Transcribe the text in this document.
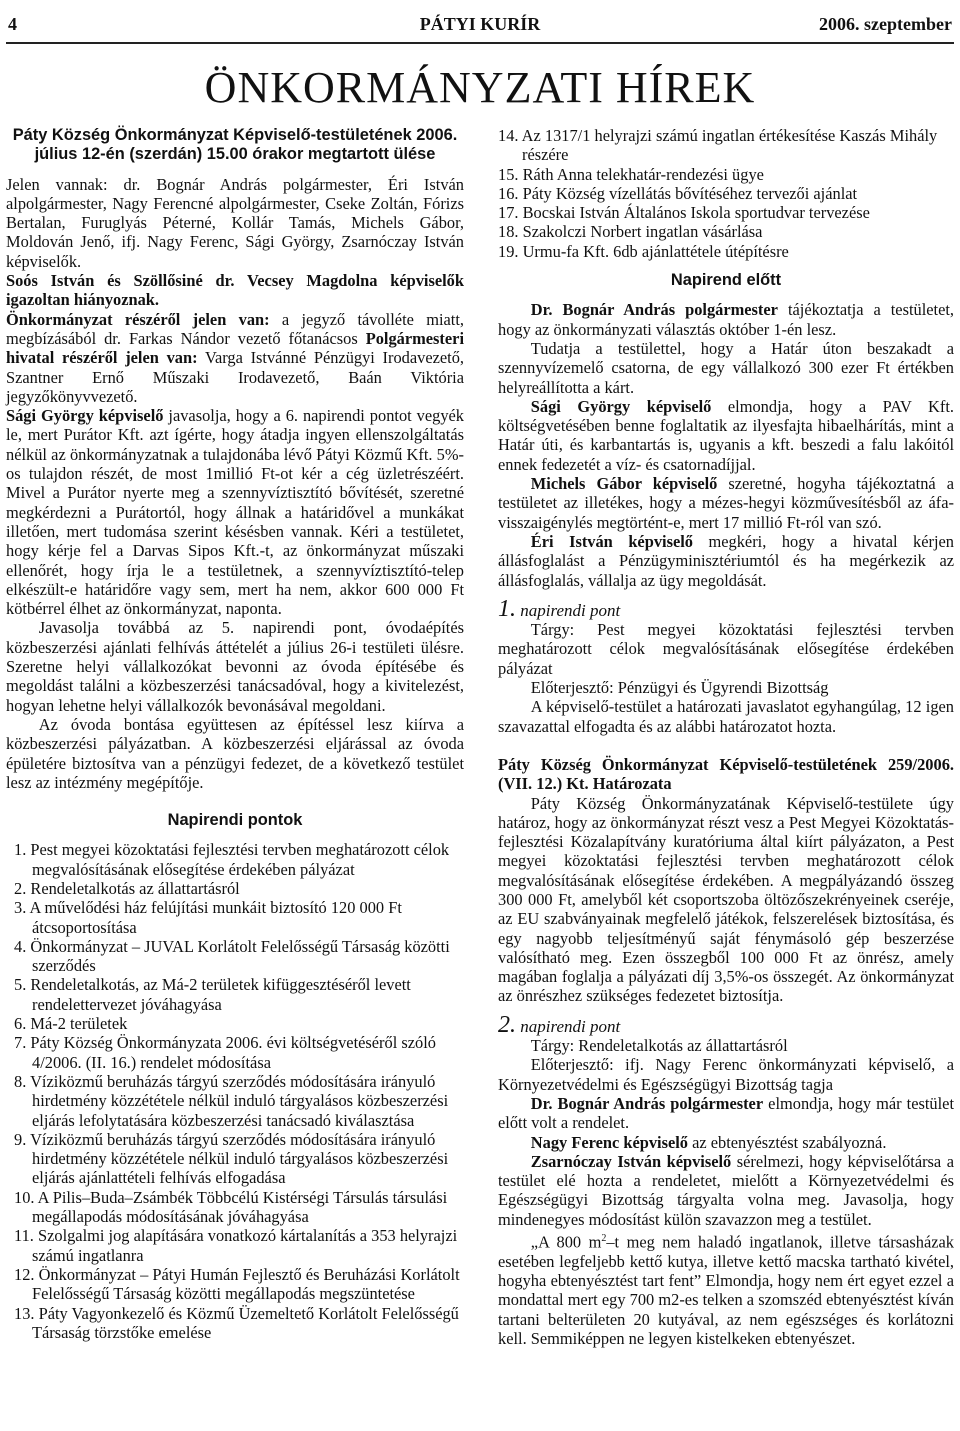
4	PÁTYI KURÍR	2006. szeptember
ÖNKORMÁNYZATI HÍREK

Páty Község Önkormányzat Képviselő-testületének 2006. július 12-én (szerdán) 15.00 órakor megtartott ülése

Jelen vannak: dr. Bognár András polgármester, Éri István alpolgármester, Nagy Ferencné alpolgármester, Cseke Zoltán, Fórizs Bertalan, Furuglyás Péterné, Kollár Tamás, Michels Gábor, Moldován Jenő, ifj. Nagy Ferenc, Sági György, Zsarnóczay István képviselők.

Soós István és Szöllősiné dr. Vecsey Magdolna képviselők igazoltan hiányoznak.

Önkormányzat részéről jelen van: a jegyző távolléte miatt, megbízásából dr. Farkas Nándor vezető főtanácsos Polgármesteri hivatal részéről jelen van: Varga Istvánné Pénzügyi Irodavezető, Szantner Ernő Műszaki Irodavezető, Baán Viktória jegyzőkönyvvezető.

Sági György képviselő javasolja, hogy a 6. napirendi pontot vegyék le, mert Purátor Kft. azt ígérte, hogy átadja ingyen ellenszolgáltatás nélkül az önkormányzatnak a tulajdonába lévő Pátyi Közmű Kft. 5%-os tulajdon részét, de most 1millió Ft-ot kér a cég üzletrészéért. Mivel a Purátor nyerte meg a szennyvíztisztító bővítését, szeretné megkérdezni a Purátortól, hogy állnak a határidővel a munkákat illetően, mert tudomása szerint késésben vannak. Kéri a testületet, hogy kérje fel a Darvas Sipos Kft.-t, az önkormányzat műszaki ellenőrét, hogy írja le a testületnek, a szennyvíztisztító-telep elkészült-e határidőre vagy sem, mert ha nem, akkor 600 000 Ft kötbérrel élhet az önkormányzat, naponta.

Javasolja továbbá az 5. napirendi pont, óvodaépítés közbeszerzési ajánlati felhívás áttételét a július 26-i testületi ülésre. Szeretne helyi vállalkozókat bevonni az óvoda építésébe és megoldást találni a közbeszerzési tanácsadóval, hogy a kivitelezést, hogyan lehetne helyi vállalkozók bevonásával megoldani.

Az óvoda bontása együttesen az építéssel lesz kiírva a közbeszerzési pályázatban. A közbeszerzési eljárással az óvoda épületére biztosítva van a pénzügyi fedezet, de a következő testület lesz az intézmény megépítője.

Napirendi pontok

1. Pest megyei közoktatási fejlesztési tervben meghatározott célok megvalósításának elősegítése érdekében pályázat
2. Rendeletalkotás az állattartásról
3. A művelődési ház felújítási munkáit biztosító 120 000 Ft átcsoportosítása
4. Önkormányzat – JUVAL Korlátolt Felelősségű Társaság közötti szerződés
5. Rendeletalkotás, az Má-2 területek kifüggesztéséről levett rendelettervezet jóváhagyása
6. Má-2 területek
7. Páty Község Önkormányzata 2006. évi költségvetéséről szóló 4/2006. (II. 16.) rendelet módosítása
8. Víziközmű beruházás tárgyú szerződés módosítására irányuló hirdetmény közzététele nélkül induló tárgyalásos közbeszerzési eljárás lefolytatására közbeszerzési tanácsadó kiválasztása
9. Víziközmű beruházás tárgyú szerződés módosítására irányuló hirdetmény közzététele nélkül induló tárgyalásos közbeszerzési eljárás ajánlattételi felhívás elfogadása
10. A Pilis–Buda–Zsámbék Többcélú Kistérségi Társulás társulási megállapodás módosításának jóváhagyása
11. Szolgalmi jog alapítására vonatkozó kártalanítás a 353 helyrajzi számú ingatlanra
12. Önkormányzat – Pátyi Humán Fejlesztő és Beruházási Korlátolt Felelősségű Társaság közötti megállapodás megszüntetése
13. Páty Vagyonkezelő és Közmű Üzemeltető Korlátolt Felelősségű Társaság törzstőke emelése
14. Az 1317/1 helyrajzi számú ingatlan értékesítése Kaszás Mihály részére
15. Ráth Anna telekhatár-rendezési ügye
16. Páty Község vízellátás bővítéséhez tervezői ajánlat
17. Bocskai István Általános Iskola sportudvar tervezése
18. Szakolczi Norbert ingatlan vásárlása
19. Urmu-fa Kft. 6db ajánlattétele útépítésre

Napirend előtt

Dr. Bognár András polgármester tájékoztatja a testületet, hogy az önkormányzati választás október 1-én lesz.

Tudatja a testülettel, hogy a Határ úton beszakadt a szennyvízemelő csatorna, de egy vállalkozó 300 ezer Ft értékben helyreállította a kárt.

Sági György képviselő elmondja, hogy a PAV Kft. költségvetésében benne foglaltatik az ilyesfajta hibaelhárítás, mint a Határ úti, és karbantartás is, ugyanis a kft. beszedi a falu lakóitól ennek fedezetét a víz- és csatornadíjjal.

Michels Gábor képviselő szeretné, hogyha tájékoztatná a testületet az illetékes, hogy a mézes-hegyi közművesítésből az áfa-visszaigénylés megtörtént-e, mert 17 millió Ft-ról van szó.

Éri István képviselő megkéri, hogy a hivatal kérjen állásfoglalást a Pénzügyminisztériumtól és ha megérkezik az állásfoglalás, vállalja az ügy megoldását.

1. napirendi pont

Tárgy: Pest megyei közoktatási fejlesztési tervben meghatározott célok megvalósításának elősegítése érdekében pályázat

Előterjesztő: Pénzügyi és Ügyrendi Bizottság

A képviselő-testület a határozati javaslatot egyhangúlag, 12 igen szavazattal elfogadta és az alábbi határozatot hozta.

Páty Község Önkormányzat Képviselő-testületének 259/2006. (VII. 12.) Kt. Határozata

Páty Község Önkormányzatának Képviselő-testülete úgy határoz, hogy az önkormányzat részt vesz a Pest Megyei Közoktatás-fejlesztési Közalapítvány kuratóriuma által kiírt pályázaton, a Pest megyei közoktatási fejlesztési tervben meghatározott célok megvalósításának elősegítése érdekében. A megpályázandó összeg 300 000 Ft, amelyből két csoportszoba öltözőszekrényeinek cseréje, az EU szabványainak megfelelő játékok, felszerelések biztosítása, és egy nagyobb teljesítményű saját fénymásoló gép beszerzése valósítható meg. Ezen összegből 100 000 Ft az önrész, amely magában foglalja a pályázati díj 3,5%-os összegét. Az önkormányzat az önrészhez szükséges fedezetet biztosítja.

2. napirendi pont

Tárgy: Rendeletalkotás az állattartásról

Előterjesztő: ifj. Nagy Ferenc önkormányzati képviselő, a Környezetvédelmi és Egészségügyi Bizottság tagja

Dr. Bognár András polgármester elmondja, hogy már testület előtt volt a rendelet.

Nagy Ferenc képviselő az ebtenyésztést szabályozná.

Zsarnóczay István képviselő sérelmezi, hogy képviselőtársa a testület elé hozta a rendeletet, mielőtt a Környezetvédelmi és Egészségügyi Bizottság tárgyalta volna meg. Javasolja, hogy mindenegyes módosítást külön szavazzon meg a testület.

„A 800 $m^2-t$ meg nem haladó ingatlanok, illetve társasházak esetében legfeljebb kettő kutya, illetve kettő macska tartható kivétel, hogyha ebtenyésztést tart fent” Elmondja, hogy nem ért egyet ezzel a mondattal mert egy 700 m2-es telken a szomszéd ebtenyésztést kíván tartani belterületen 20 kutyával, az nem egészséges és korlátozni kell. Semmiképpen ne legyen kistelkeken ebtenyészet.
